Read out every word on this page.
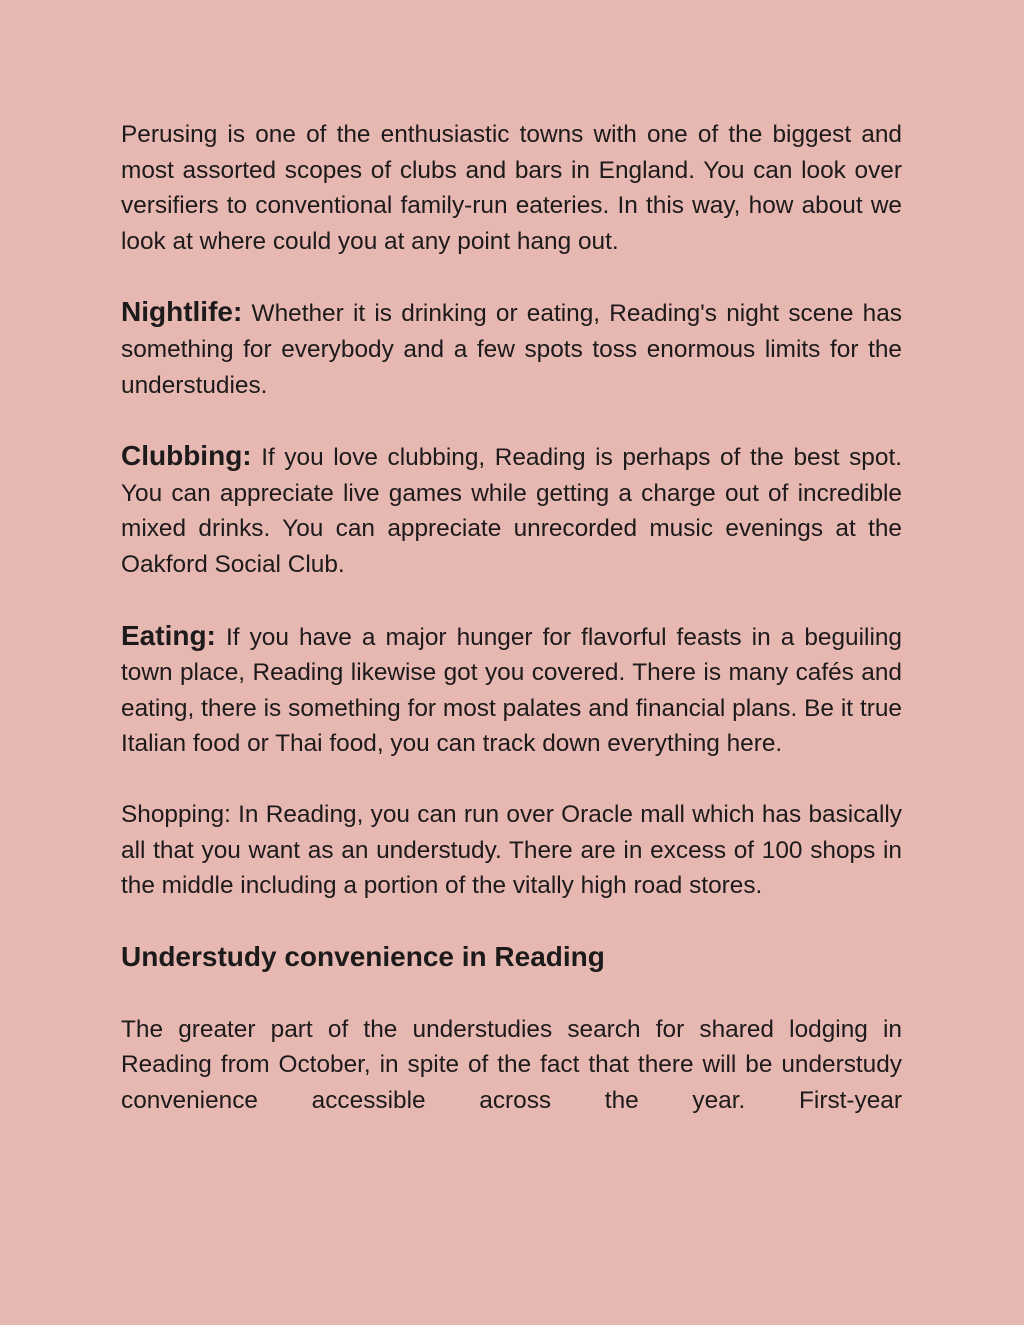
Perusing is one of the enthusiastic towns with one of the biggest and most assorted scopes of clubs and bars in England. You can look over versifiers to conventional family-run eateries. In this way, how about we look at where could you at any point hang out.

Nightlife: Whether it is drinking or eating, Reading's night scene has something for everybody and a few spots toss enormous limits for the understudies.

Clubbing: If you love clubbing, Reading is perhaps of the best spot. You can appreciate live games while getting a charge out of incredible mixed drinks. You can appreciate unrecorded music evenings at the Oakford Social Club.

Eating: If you have a major hunger for flavorful feasts in a beguiling town place, Reading likewise got you covered. There is many cafés and eating, there is something for most palates and financial plans. Be it true Italian food or Thai food, you can track down everything here.

Shopping: In Reading, you can run over Oracle mall which has basically all that you want as an understudy. There are in excess of 100 shops in the middle including a portion of the vitally high road stores.

Understudy convenience in Reading

The greater part of the understudies search for shared lodging in Reading from October, in spite of the fact that there will be understudy convenience accessible across the year. First-year
